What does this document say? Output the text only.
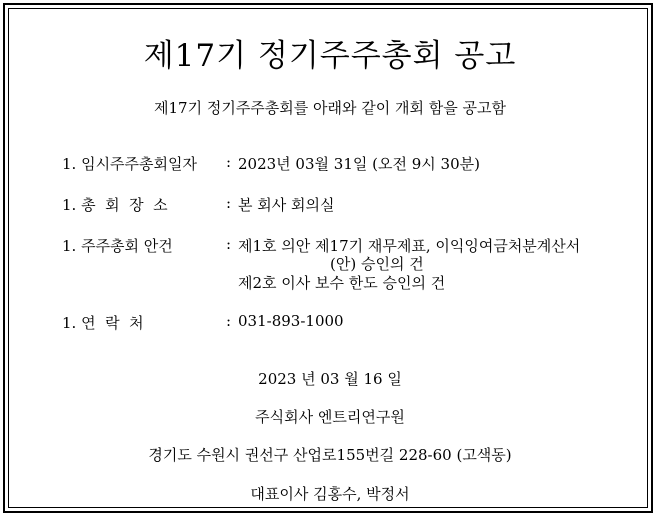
제17기 정기주주총회 공고
제17기 정기주주총회를 아래와 같이 개회 함을 공고함
1. 임시주주총회일자 : 2023년 03월 31일 (오전 9시 30분)
1. 총  회  장  소	: 본 회사 회의실
1. 주주총회 안건	: 제1호 의안 제17기 재무제표, 이익잉여금처분계산서
(안) 승인의 건
제2호 이사 보수 한도 승인의 건
1. 연  락  처	: 031-893-1000
2023 년 03 월 16 일
주식회사 엔트리연구원
경기도 수원시 권선구 산업로155번길 228-60 (고색동)
대표이사 김홍수, 박정서
